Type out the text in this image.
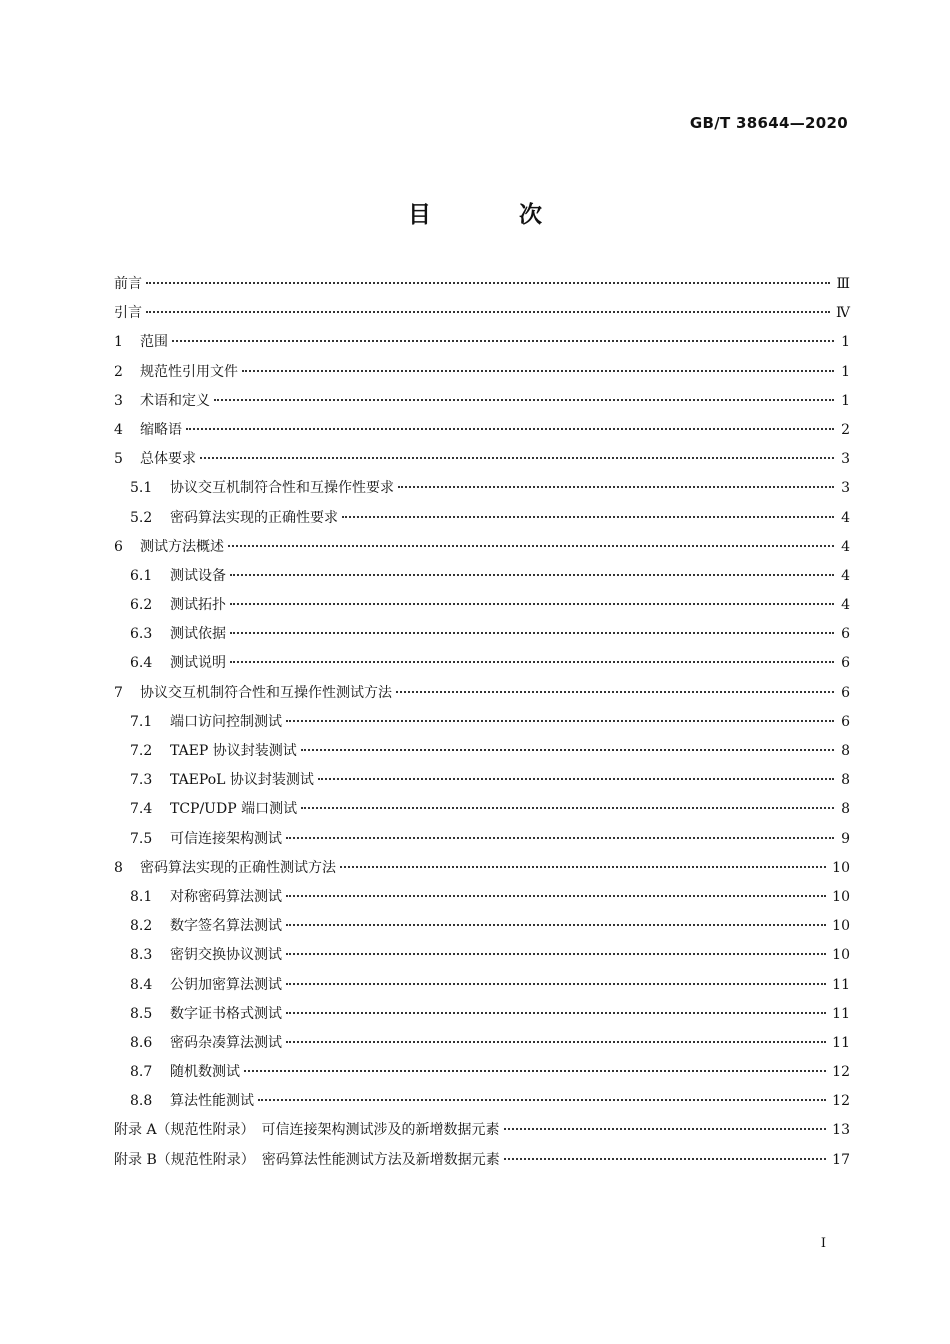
GB/T 38644—2020
目 次
前言	Ⅲ
引言	Ⅳ
1	范围	1
2	规范性引用文件	1
3	术语和定义	1
4	缩略语	2
5	总体要求	3
5.1	协议交互机制符合性和互操作性要求	3
5.2	密码算法实现的正确性要求	4
6	测试方法概述	4
6.1	测试设备	4
6.2	测试拓扑	4
6.3	测试依据	6
6.4	测试说明	6
7	协议交互机制符合性和互操作性测试方法	6
7.1	端口访问控制测试	6
7.2	TAEP 协议封装测试	8
7.3	TAEPoL 协议封装测试	8
7.4	TCP/UDP 端口测试	8
7.5	可信连接架构测试	9
8	密码算法实现的正确性测试方法	10
8.1	对称密码算法测试	10
8.2	数字签名算法测试	10
8.3	密钥交换协议测试	10
8.4	公钥加密算法测试	11
8.5	数字证书格式测试	11
8.6	密码杂凑算法测试	11
8.7	随机数测试	12
8.8	算法性能测试	12
附录 A（规范性附录）　可信连接架构测试涉及的新增数据元素	13
附录 B（规范性附录）　密码算法性能测试方法及新增数据元素	17
Ⅰ
